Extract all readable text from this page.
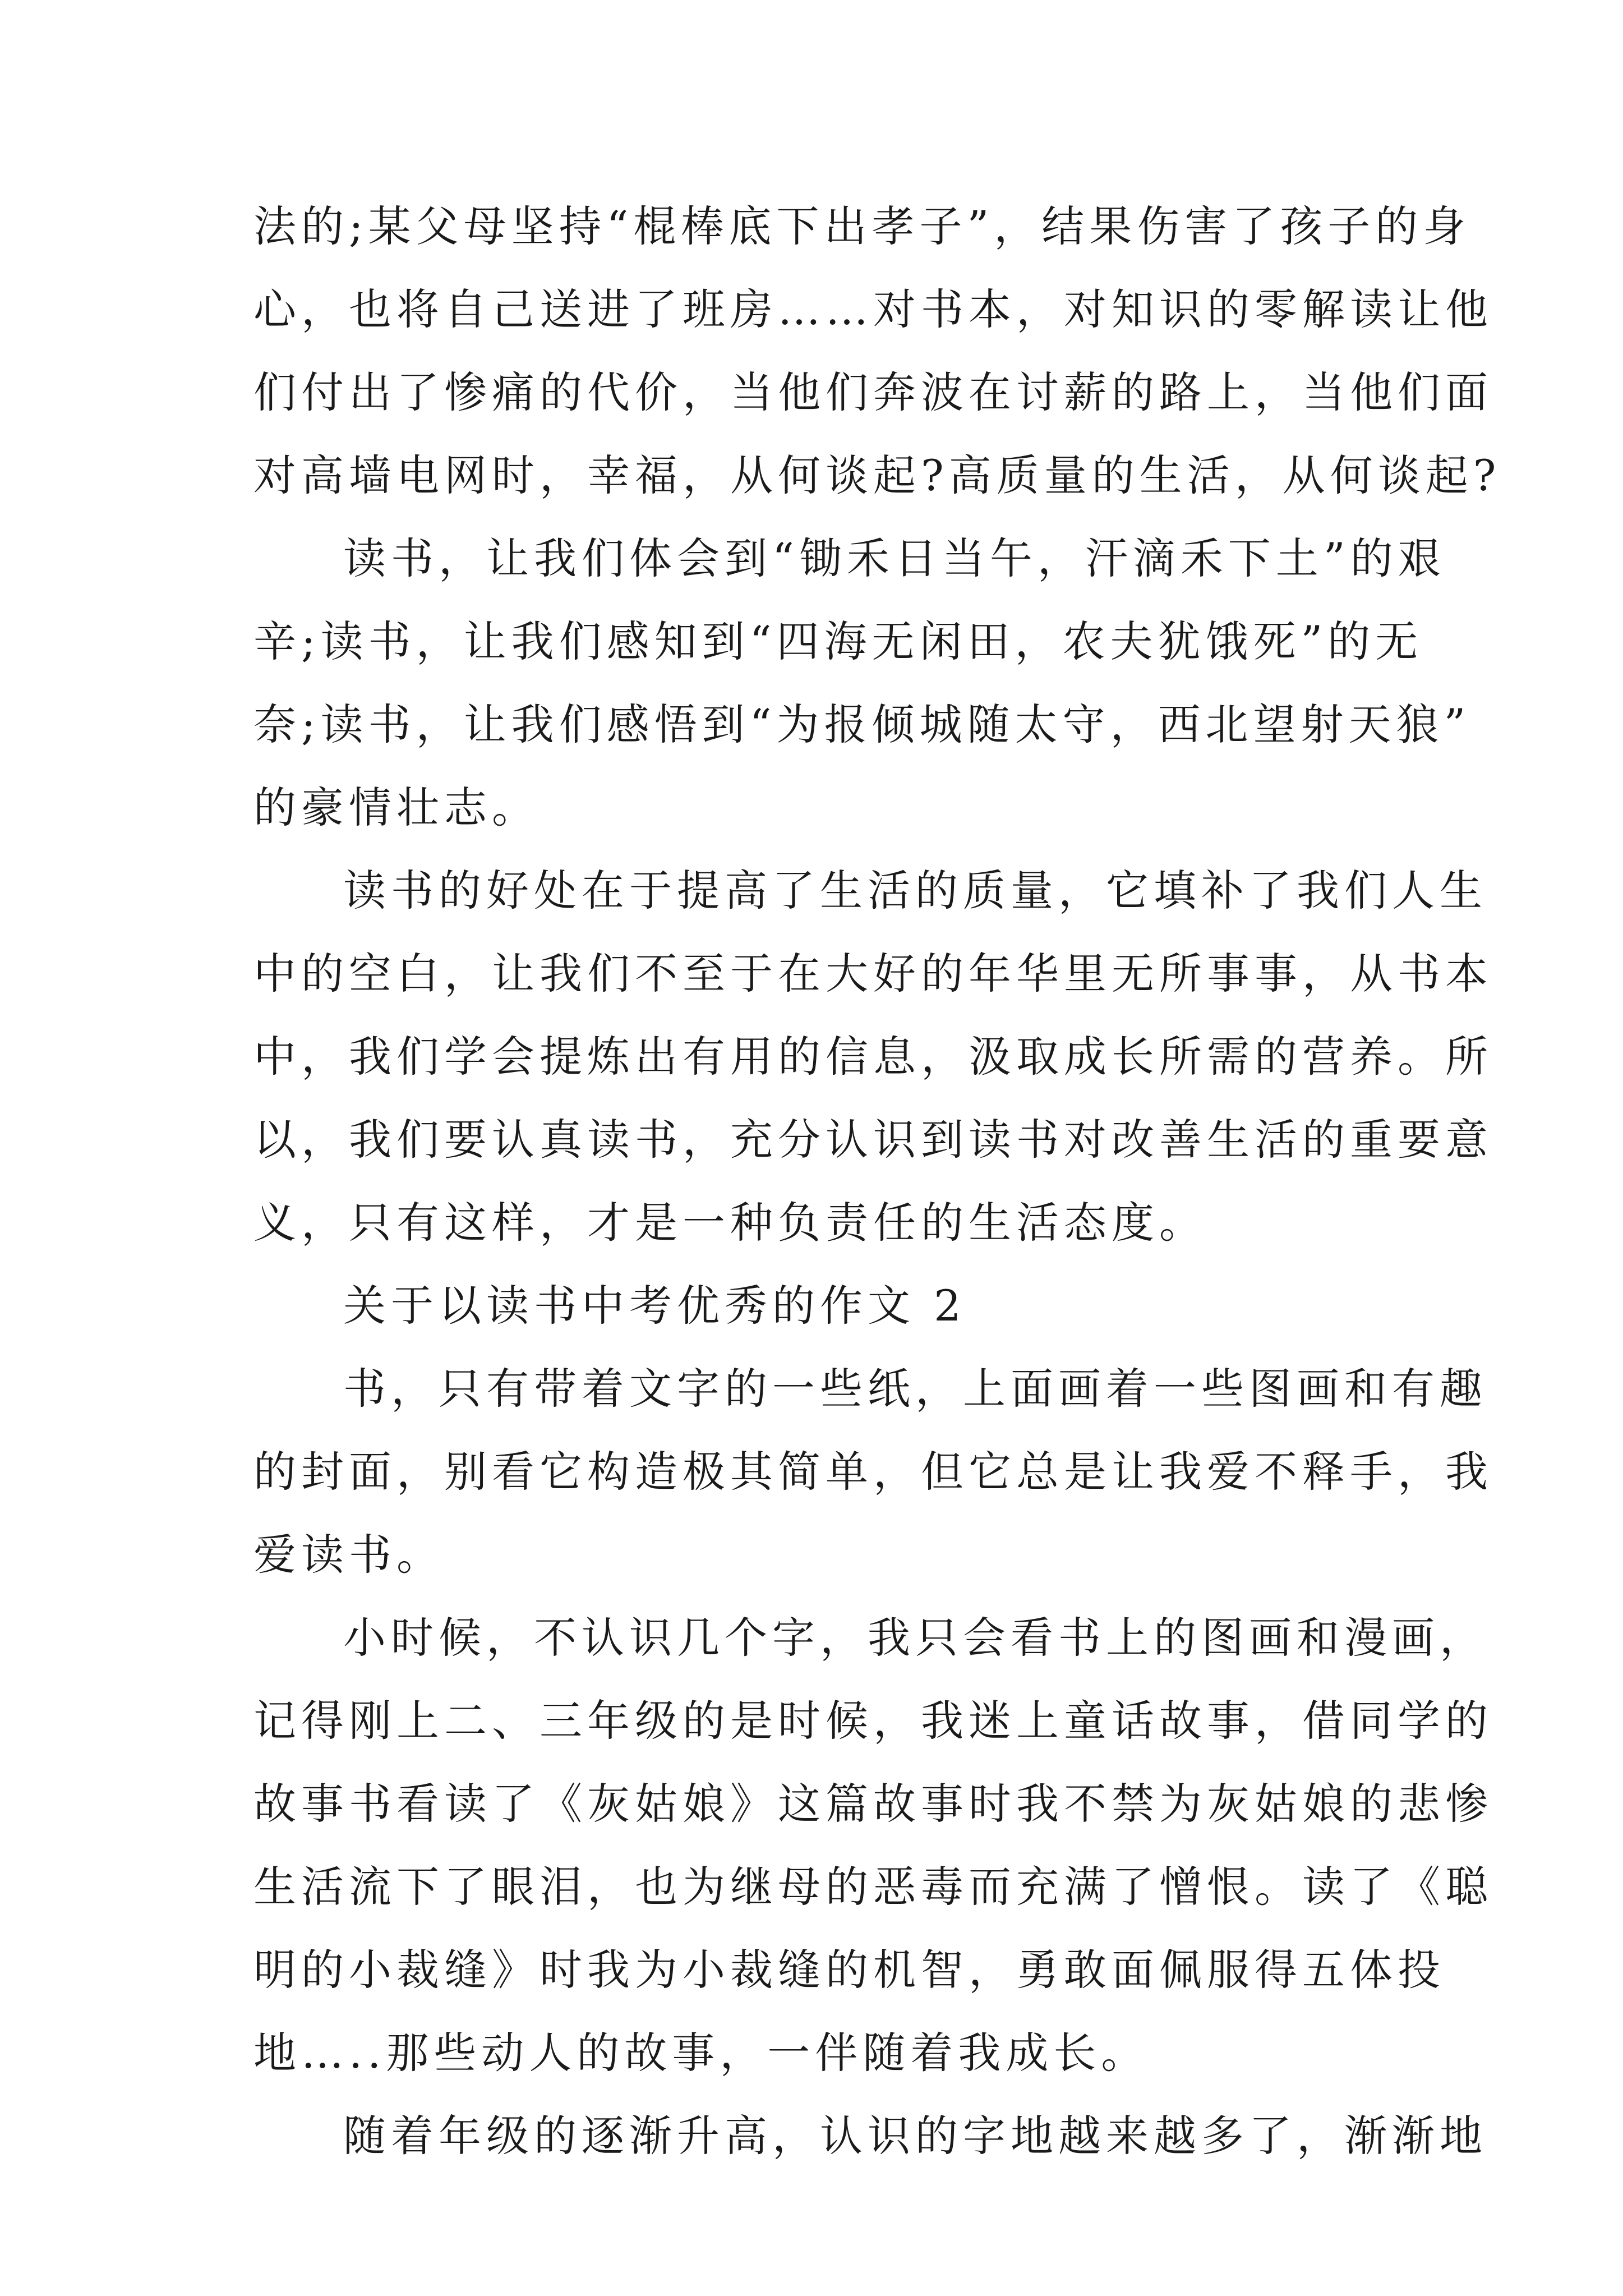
法的;某父母坚持“棍棒底下出孝子”，结果伤害了孩子的身
心，也将自己送进了班房……对书本，对知识的零解读让他
们付出了惨痛的代价，当他们奔波在讨薪的路上，当他们面
对高墙电网时，幸福，从何谈起?高质量的生活，从何谈起?
读书，让我们体会到“锄禾日当午，汗滴禾下土”的艰
辛;读书，让我们感知到“四海无闲田，农夫犹饿死”的无
奈;读书，让我们感悟到“为报倾城随太守，西北望射天狼”
的豪情壮志。
读书的好处在于提高了生活的质量，它填补了我们人生
中的空白，让我们不至于在大好的年华里无所事事，从书本
中，我们学会提炼出有用的信息，汲取成长所需的营养。所
以，我们要认真读书，充分认识到读书对改善生活的重要意
义，只有这样，才是一种负责任的生活态度。
关于以读书中考优秀的作文 2
书，只有带着文字的一些纸，上面画着一些图画和有趣
的封面，别看它构造极其简单，但它总是让我爱不释手，我
爱读书。
小时候，不认识几个字，我只会看书上的图画和漫画，
记得刚上二、三年级的是时候，我迷上童话故事，借同学的
故事书看读了《灰姑娘》这篇故事时我不禁为灰姑娘的悲惨
生活流下了眼泪，也为继母的恶毒而充满了憎恨。读了《聪
明的小裁缝》时我为小裁缝的机智，勇敢面佩服得五体投
地…..那些动人的故事，一伴随着我成长。
随着年级的逐渐升高，认识的字地越来越多了，渐渐地
